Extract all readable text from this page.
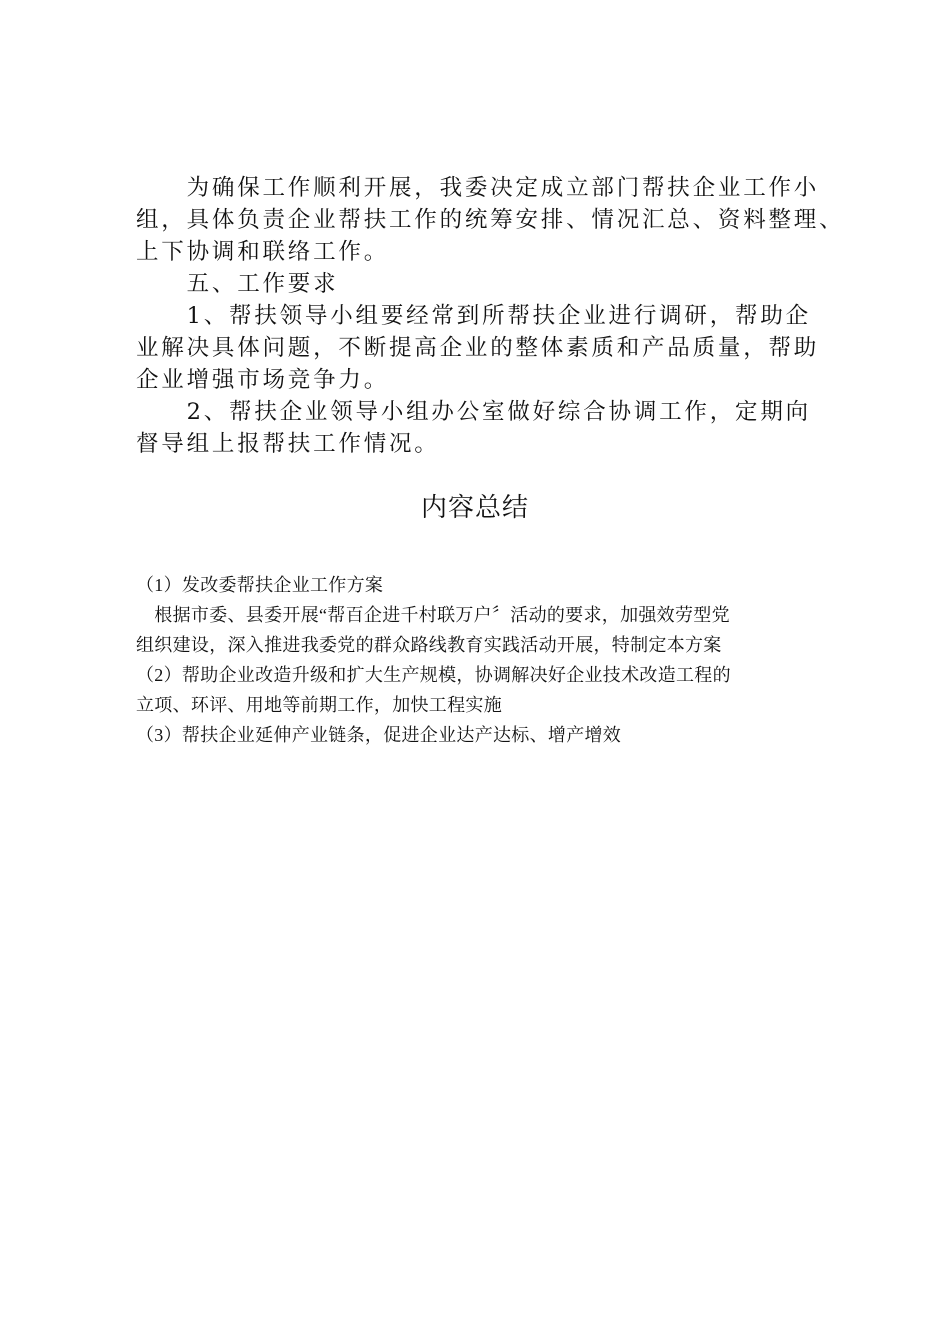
　　为确保工作顺利开展，我委决定成立部门帮扶企业工作小

组，具体负责企业帮扶工作的统筹安排、情况汇总、资料整理、

上下协调和联络工作。

　　五、工作要求

　　1、帮扶领导小组要经常到所帮扶企业进行调研，帮助企

业解决具体问题，不断提高企业的整体素质和产品质量，帮助

企业增强市场竞争力。

　　2、帮扶企业领导小组办公室做好综合协调工作，定期向

督导组上报帮扶工作情况。

内容总结

（1）发改委帮扶企业工作方案

　根据市委、县委开展“帮百企进千村联万户〞活动的要求，加强效劳型党

组织建设，深入推进我委党的群众路线教育实践活动开展，特制定本方案

（2）帮助企业改造升级和扩大生产规模，协调解决好企业技术改造工程的

立项、环评、用地等前期工作，加快工程实施

（3）帮扶企业延伸产业链条，促进企业达产达标、增产增效
